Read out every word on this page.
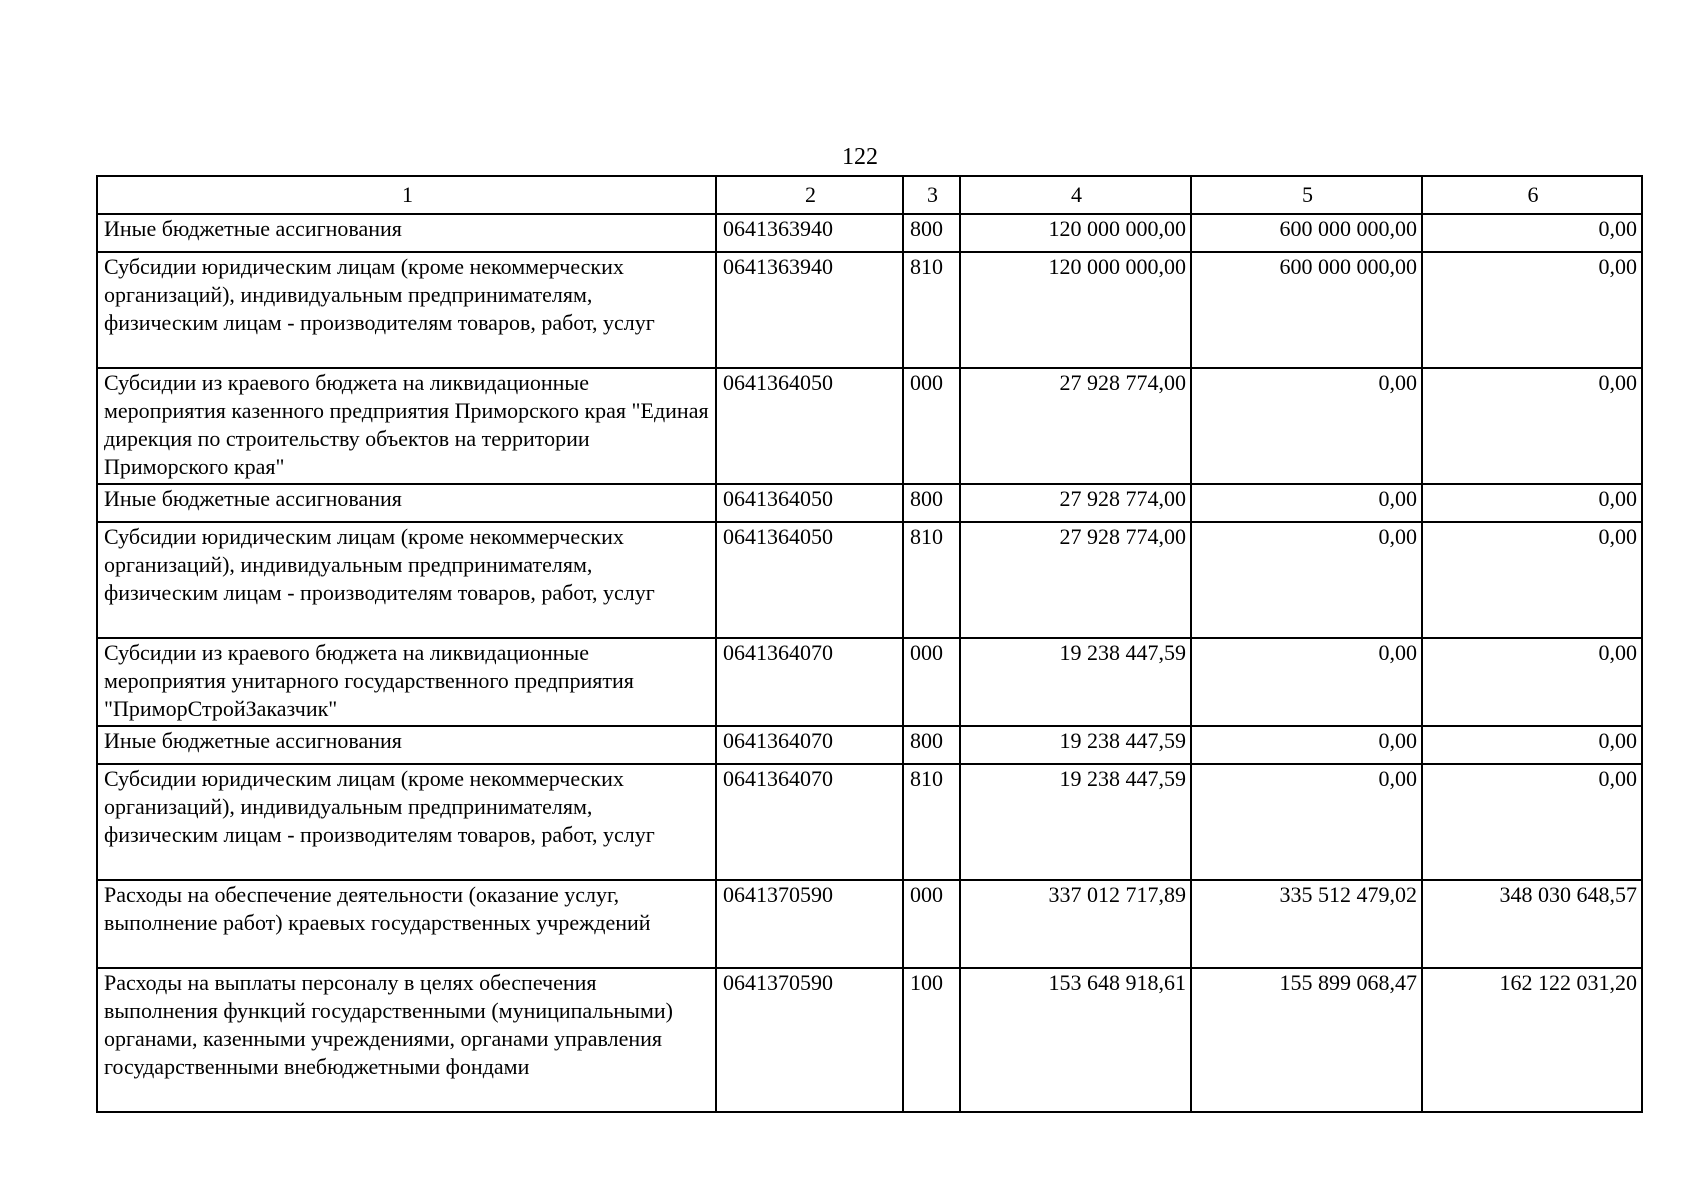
122
1	2	3	4	5	6
Иные бюджетные ассигнования	0641363940	800	120 000 000,00	600 000 000,00	0,00
Субсидии юридическим лицам (кроме некоммерческих организаций), индивидуальным предпринимателям, физическим лицам - производителям товаров, работ, услуг	0641363940	810	120 000 000,00	600 000 000,00	0,00
Субсидии из краевого бюджета на ликвидационные мероприятия казенного предприятия Приморского края "Единая дирекция по строительству объектов на территории Приморского края"	0641364050	000	27 928 774,00	0,00	0,00
Иные бюджетные ассигнования	0641364050	800	27 928 774,00	0,00	0,00
Субсидии юридическим лицам (кроме некоммерческих организаций), индивидуальным предпринимателям, физическим лицам - производителям товаров, работ, услуг	0641364050	810	27 928 774,00	0,00	0,00
Субсидии из краевого бюджета на ликвидационные мероприятия унитарного государственного предприятия "ПриморСтройЗаказчик"	0641364070	000	19 238 447,59	0,00	0,00
Иные бюджетные ассигнования	0641364070	800	19 238 447,59	0,00	0,00
Субсидии юридическим лицам (кроме некоммерческих организаций), индивидуальным предпринимателям, физическим лицам - производителям товаров, работ, услуг	0641364070	810	19 238 447,59	0,00	0,00
Расходы на обеспечение деятельности (оказание услуг, выполнение работ) краевых государственных учреждений	0641370590	000	337 012 717,89	335 512 479,02	348 030 648,57
Расходы на выплаты персоналу в целях обеспечения выполнения функций государственными (муниципальными) органами, казенными учреждениями, органами управления государственными внебюджетными фондами	0641370590	100	153 648 918,61	155 899 068,47	162 122 031,20
